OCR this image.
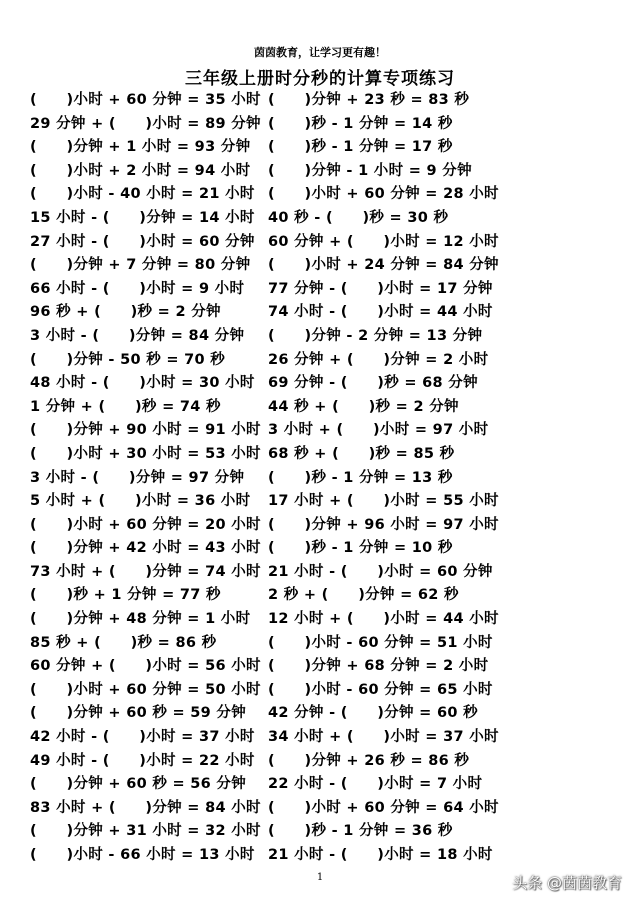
茵茵教育，让学习更有趣！
三年级上册时分秒的计算专项练习
(　　)小时 + 60 分钟 = 35 小时 (　　)分钟 + 23 秒 = 83 秒
29 分钟 + (　　)小时 = 89 分钟 (　　)秒 - 1 分钟 = 14 秒
(　　)分钟 + 1 小时 = 93 分钟 (　　)秒 - 1 分钟 = 17 秒
(　　)小时 + 2 小时 = 94 小时 (　　)分钟 - 1 小时 = 9 分钟
(　　)小时 - 40 小时 = 21 小时 (　　)小时 + 60 分钟 = 28 小时
15 小时 - (　　)分钟 = 14 小时 40 秒 - (　　)秒 = 30 秒
27 小时 - (　　)小时 = 60 分钟 60 分钟 + (　　)小时 = 12 小时
(　　)分钟 + 7 分钟 = 80 分钟 (　　)小时 + 24 分钟 = 84 分钟
66 小时 - (　　)小时 = 9 小时 77 分钟 - (　　)小时 = 17 分钟
96 秒 + (　　)秒 = 2 分钟	74 小时 - (　　)小时 = 44 小时
3 小时 - (　　)分钟 = 84 分钟 (　　)分钟 - 2 分钟 = 13 分钟
(　　)分钟 - 50 秒 = 70 秒	26 分钟 + (　　)分钟 = 2 小时
48 小时 - (　　)小时 = 30 小时 69 分钟 - (　　)秒 = 68 分钟
1 分钟 + (　　)秒 = 74 秒	44 秒 + (　　)秒 = 2 分钟
(　　)分钟 + 90 小时 = 91 小时 3 小时 + (　　)小时 = 97 小时
(　　)小时 + 30 小时 = 53 小时 68 秒 + (　　)秒 = 85 秒
3 小时 - (　　)分钟 = 97 分钟 (　　)秒 - 1 分钟 = 13 秒
5 小时 + (　　)小时 = 36 小时 17 小时 + (　　)小时 = 55 小时
(　　)小时 + 60 分钟 = 20 小时 (　　)分钟 + 96 小时 = 97 小时
(　　)分钟 + 42 小时 = 43 小时 (　　)秒 - 1 分钟 = 10 秒
73 小时 + (　　)分钟 = 74 小时 21 小时 - (　　)小时 = 60 分钟
(　　)秒 + 1 分钟 = 77 秒	2 秒 + (　　)分钟 = 62 秒
(　　)分钟 + 48 分钟 = 1 小时 12 小时 + (　　)小时 = 44 小时
85 秒 + (　　)秒 = 86 秒	(　　)小时 - 60 分钟 = 51 小时
60 分钟 + (　　)小时 = 56 小时 (　　)分钟 + 68 分钟 = 2 小时
(　　)小时 + 60 分钟 = 50 小时 (　　)小时 - 60 分钟 = 65 小时
(　　)分钟 + 60 秒 = 59 分钟 42 分钟 - (　　)分钟 = 60 秒
42 小时 - (　　)小时 = 37 小时 34 小时 + (　　)小时 = 37 小时
49 小时 - (　　)小时 = 22 小时 (　　)分钟 + 26 秒 = 86 秒
(　　)分钟 + 60 秒 = 56 分钟 22 小时 - (　　)小时 = 7 小时
83 小时 + (　　)分钟 = 84 小时 (　　)小时 + 60 分钟 = 64 小时
(　　)分钟 + 31 小时 = 32 小时 (　　)秒 - 1 分钟 = 36 秒
(　　)小时 - 66 小时 = 13 小时 21 小时 - (　　)小时 = 18 小时
1	头条 @茵茵教育
